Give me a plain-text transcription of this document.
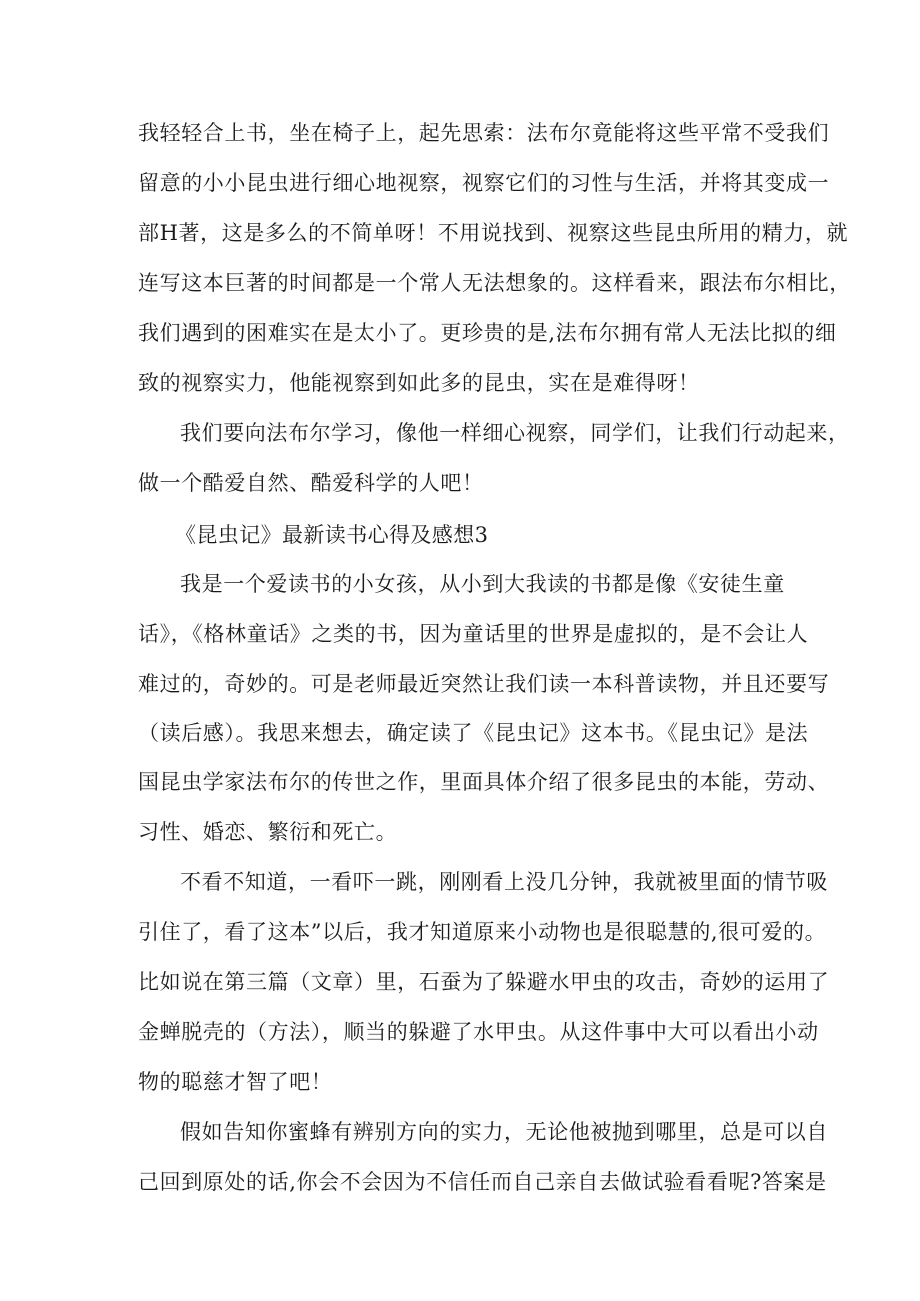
我轻轻合上书，坐在椅子上，起先思索：法布尔竟能将这些平常不受我们
留意的小小昆虫进行细心地视察，视察它们的习性与生活，并将其变成一
部H著，这是多么的不简单呀！不用说找到、视察这些昆虫所用的精力，就
连写这本巨著的时间都是一个常人无法想象的。这样看来，跟法布尔相比，
我们遇到的困难实在是太小了。更珍贵的是,法布尔拥有常人无法比拟的细
致的视察实力，他能视察到如此多的昆虫，实在是难得呀！
我们要向法布尔学习，像他一样细心视察，同学们，让我们行动起来，
做一个酷爱自然、酷爱科学的人吧！
《昆虫记》最新读书心得及感想3
我是一个爱读书的小女孩，从小到大我读的书都是像《安徒生童
话》，《格林童话》之类的书，因为童话里的世界是虚拟的，是不会让人
难过的，奇妙的。可是老师最近突然让我们读一本科普读物，并且还要写
（读后感）。我思来想去，确定读了《昆虫记》这本书。《昆虫记》是法
国昆虫学家法布尔的传世之作，里面具体介绍了很多昆虫的本能，劳动、
习性、婚恋、繁衍和死亡。
不看不知道，一看吓一跳，刚刚看上没几分钟，我就被里面的情节吸
引住了，看了这本”以后，我才知道原来小动物也是很聪慧的,很可爱的。
比如说在第三篇（文章）里，石蚕为了躲避水甲虫的攻击，奇妙的运用了
金蝉脱壳的（方法），顺当的躲避了水甲虫。从这件事中大可以看出小动
物的聪慈才智了吧！
假如告知你蜜蜂有辨别方向的实力，无论他被抛到哪里，总是可以自
己回到原处的话,你会不会因为不信任而自己亲自去做试验看看呢?答案是
